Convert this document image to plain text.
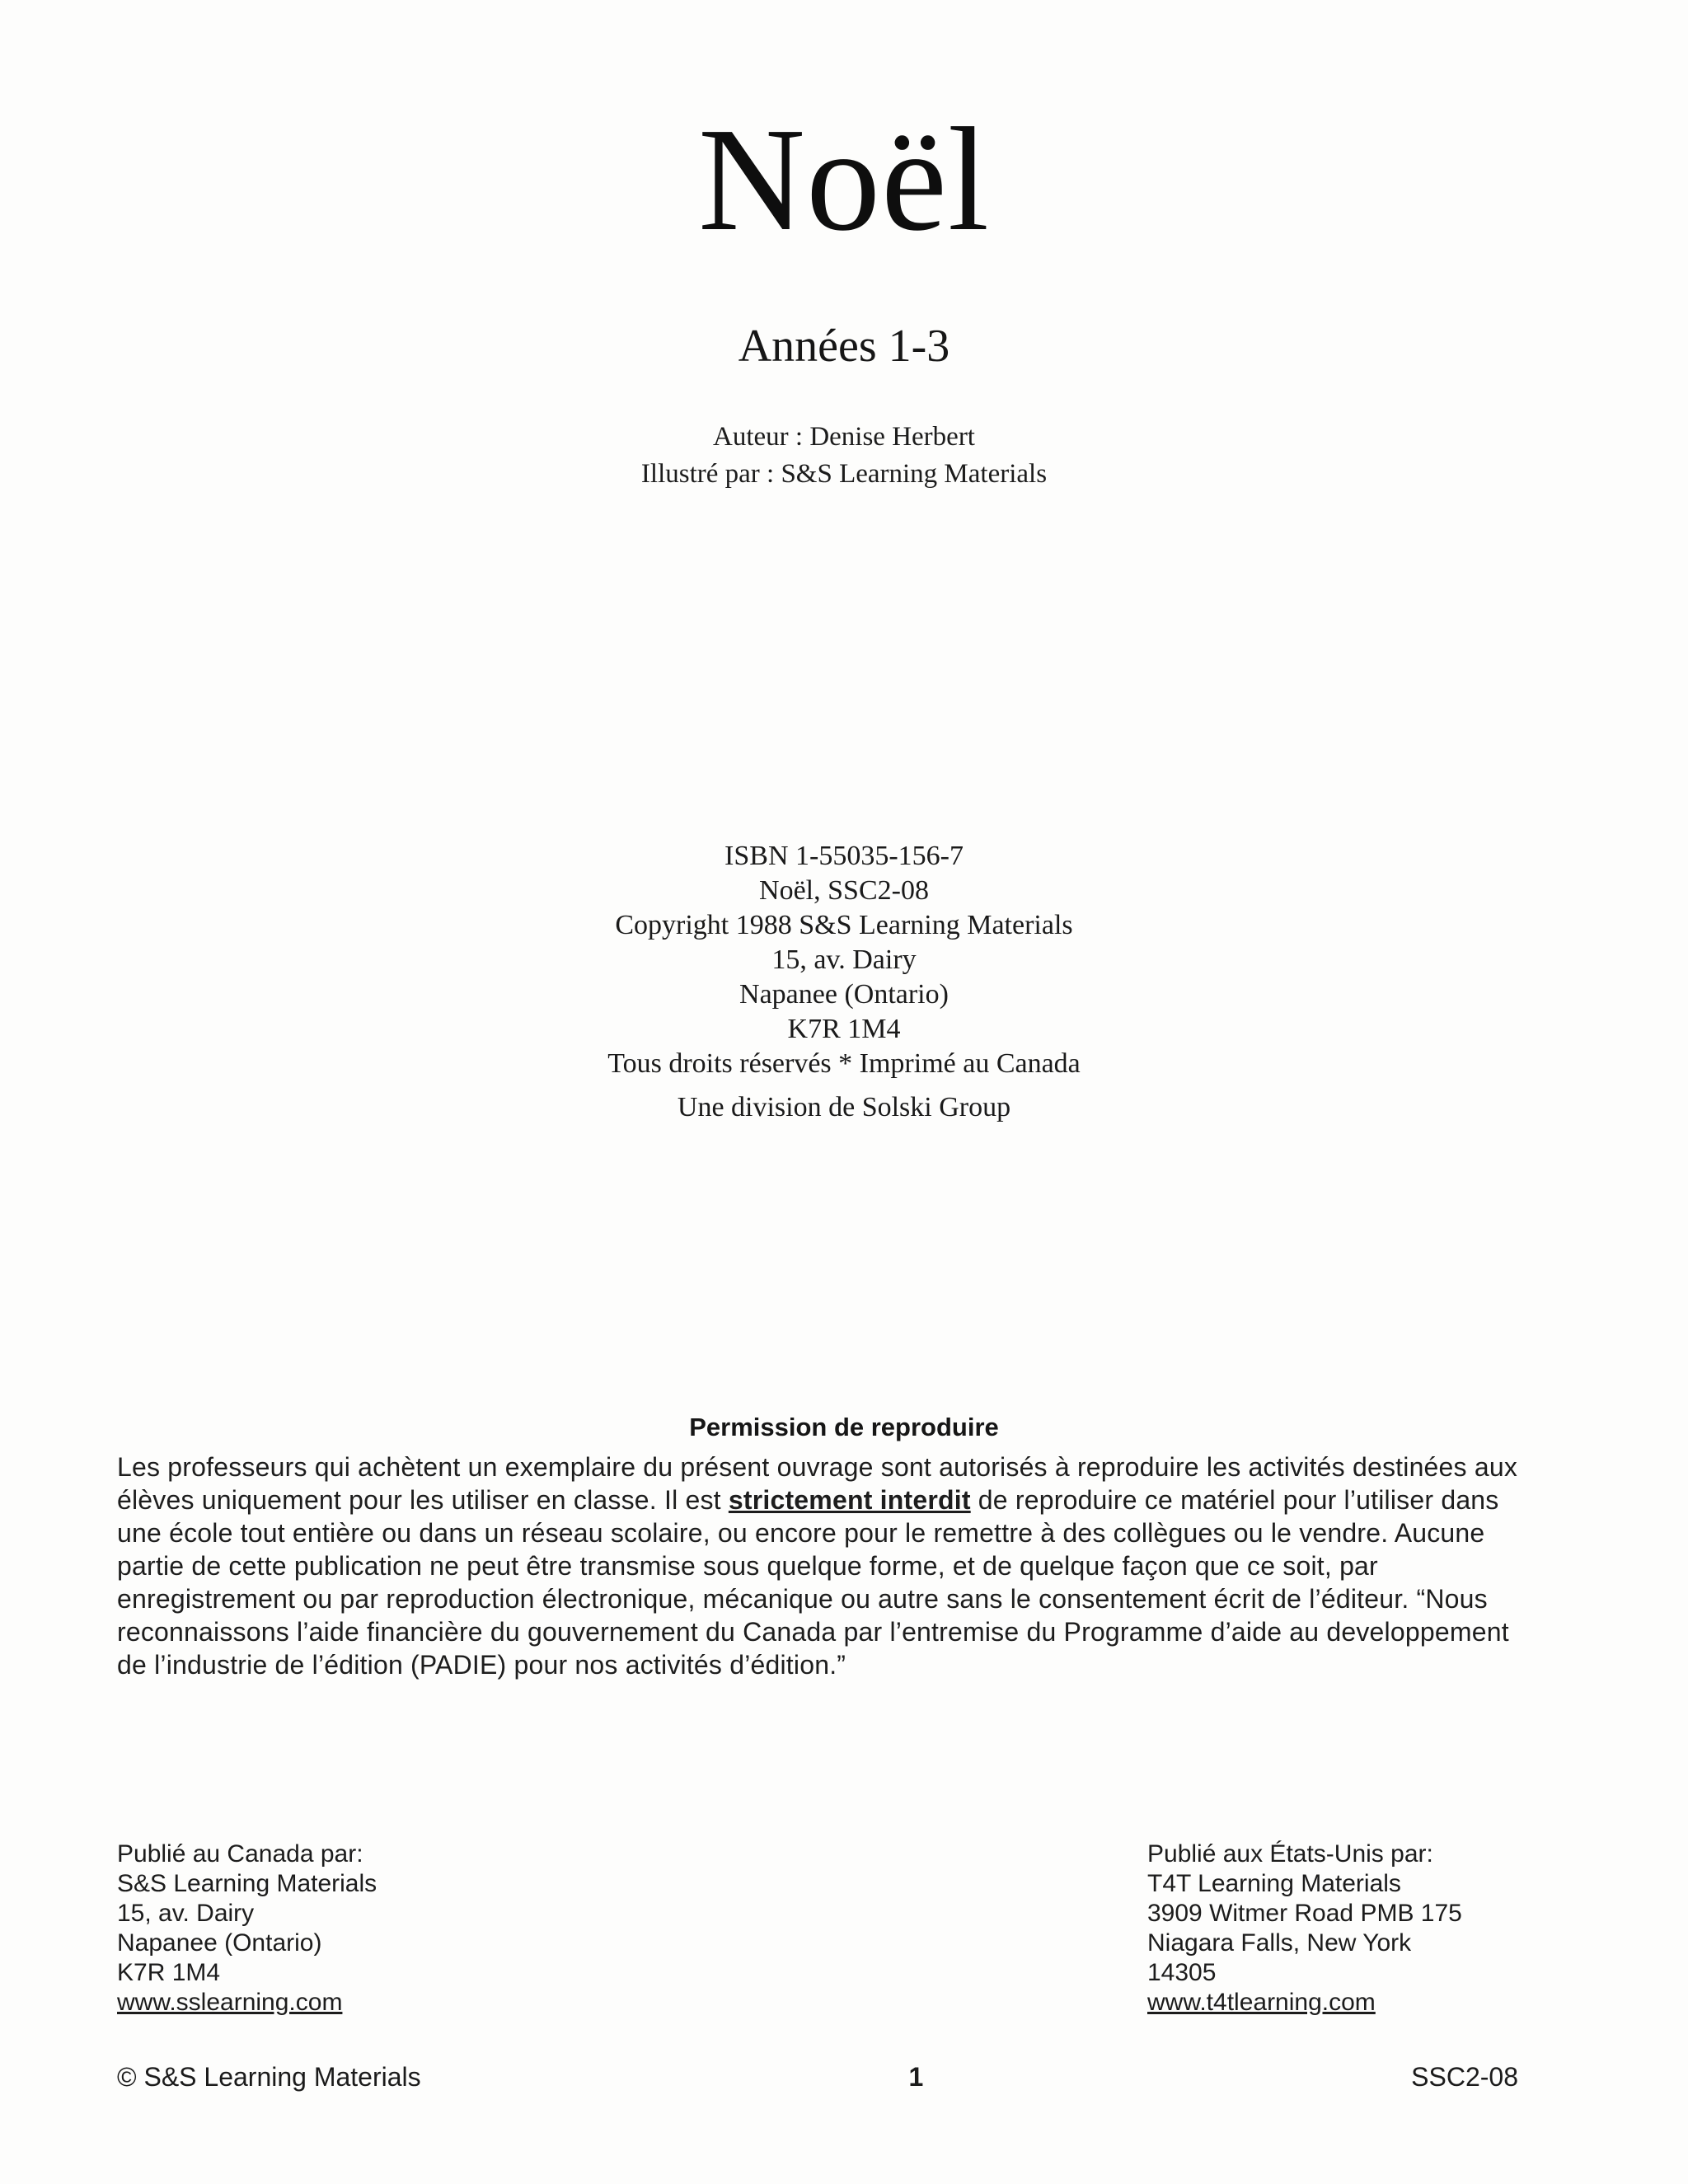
Noël
Années 1-3
Auteur : Denise Herbert
Illustré par : S&S Learning Materials
ISBN 1-55035-156-7
Noël, SSC2-08
Copyright 1988 S&S Learning Materials
15, av. Dairy
Napanee (Ontario)
K7R 1M4
Tous droits réservés * Imprimé au Canada
Une division de Solski Group
Permission de reproduire

Les professeurs qui achètent un exemplaire du présent ouvrage sont autorisés à reproduire les activités destinées aux élèves uniquement pour les utiliser en classe. Il est strictement interdit de reproduire ce matériel pour l’utiliser dans une école tout entière ou dans un réseau scolaire, ou encore pour le remettre à des collègues ou le vendre. Aucune partie de cette publication ne peut être transmise sous quelque forme, et de quelque façon que ce soit, par enregistrement ou par reproduction électronique, mécanique ou autre sans le consentement écrit de l’éditeur. “Nous reconnaissons l’aide financière du gouvernement du Canada par l’entremise du Programme d’aide au developpement de l’industrie de l’édition (PADIE) pour nos activités d’édition.”

Publié au Canada par:
S&S Learning Materials
15, av. Dairy
Napanee (Ontario)
K7R 1M4
www.sslearning.com
Publié aux États-Unis par:
T4T Learning Materials
3909 Witmer Road PMB 175
Niagara Falls, New York
14305
www.t4tlearning.com
© S&S Learning Materials	1	SSC2-08
